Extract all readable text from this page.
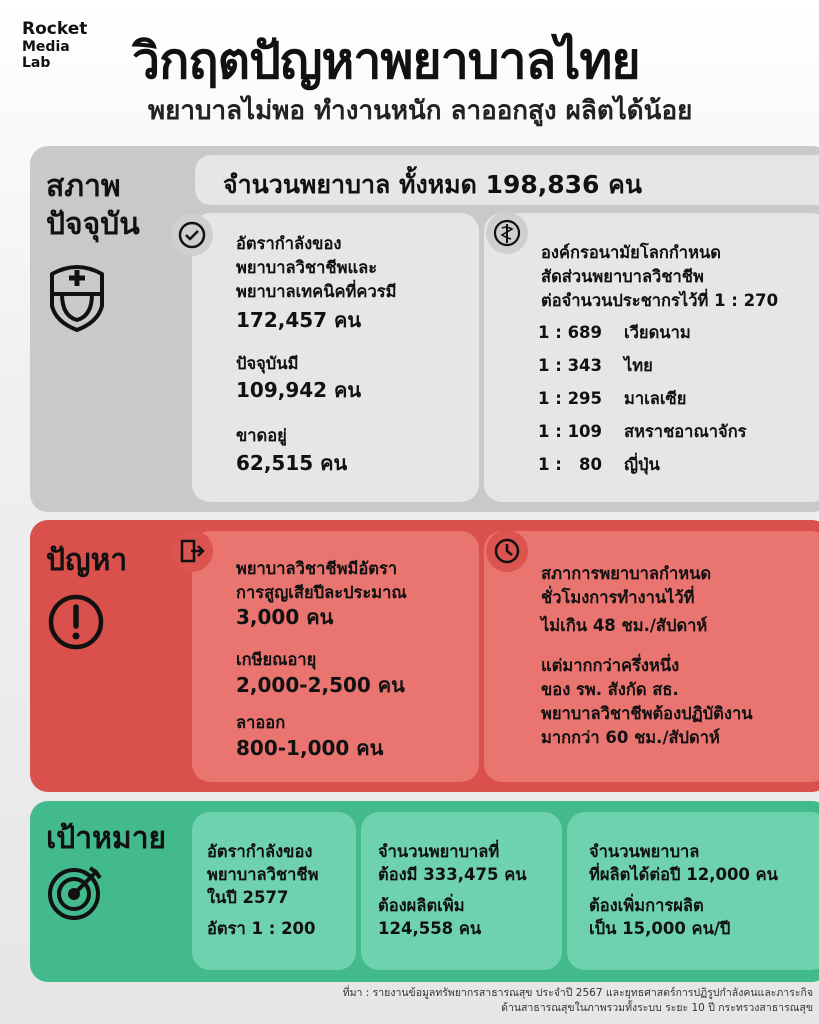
Rocket
Media
Lab	วิกฤตปัญหาพยาบาลไทย
พยาบาลไม่พอ ทำงานหนัก ลาออกสูง ผลิตได้น้อย
สภาพ
ปัจจุบัน
จำนวนพยาบาล ทั้งหมด 198,836 คน
อัตรากำลังของ
พยาบาลวิชาชีพและ
พยาบาลเทคนิคที่ควรมี
172,457 คน
ปัจจุบันมี
109,942 คน
ขาดอยู่
62,515 คน
องค์กรอนามัยโลกกำหนด
สัดส่วนพยาบาลวิชาชีพ
ต่อจำนวนประชากรไว้ที่ 1 : 270
1 : 689 เวียดนาม
1 : 343 ไทย
1 : 295 มาเลเซีย
1 : 109 สหราชอาณาจักร
1 :   80 ญี่ปุ่น
ปัญหา	พยาบาลวิชาชีพมีอัตรา
การสูญเสียปีละประมาณ
3,000 คน
เกษียณอายุ
2,000-2,500 คน
ลาออก
800-1,000 คน
สภาการพยาบาลกำหนด
ชั่วโมงการทำงานไว้ที่
ไม่เกิน 48 ชม./สัปดาห์
แต่มากกว่าครึ่งหนึ่ง
ของ รพ. สังกัด สธ.
พยาบาลวิชาชีพต้องปฏิบัติงาน
มากกว่า 60 ชม./สัปดาห์
เป้าหมาย อัตรากำลังของ
พยาบาลวิชาชีพ
ในปี 2577
อัตรา 1 : 200
จำนวนพยาบาลที่
ต้องมี 333,475 คน
ต้องผลิตเพิ่ม
124,558 คน
จำนวนพยาบาล
ที่ผลิตได้ต่อปี 12,000 คน
ต้องเพิ่มการผลิต
เป็น 15,000 คน/ปี
ที่มา : รายงานข้อมูลทรัพยากรสาธารณสุข ประจำปี 2567 และยุทธศาสตร์การปฏิรูปกำลังคนและภาระกิจ
ด้านสาธารณสุขในภาพรวมทั้งระบบ ระยะ 10 ปี กระทรวงสาธารณสุข
